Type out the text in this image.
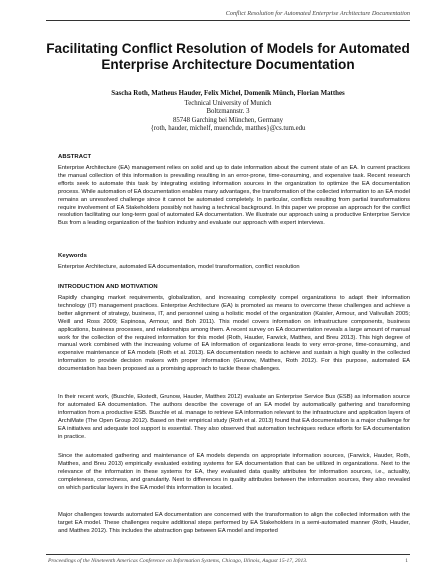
Conflict Resolution for Automated Enterprise Architecture Documentation
Facilitating Conflict Resolution of Models for Automated
Enterprise Architecture Documentation
Sascha Roth, Matheus Hauder, Felix Michel, Domenik Münch, Florian Matthes
Technical University of Munich
Boltzmannstr. 3
85748 Garching bei München, Germany
{roth, hauder, michelf, muenchde, matthes}@cs.tum.edu
ABSTRACT

Enterprise Architecture (EA) management relies on solid and up to date information about the current state of an EA. In current practices the manual collection of this information is prevailing resulting in an error-prone, time-consuming, and expensive task. Recent research efforts seek to automate this task by integrating existing information sources in the organization to optimize the EA documentation process. While automation of EA documentation enables many advantages, the transformation of the collected information to an EA model remains an unresolved challenge since it cannot be automated completely. In particular, conflicts resulting from partial transformations require involvement of EA Stakeholders possibly not having a technical background. In this paper we propose an approach for the conflict resolution facilitating our long-term goal of automated EA documentation. We illustrate our approach using a productive Enterprise Service Bus from a leading organization of the fashion industry and evaluate our approach with expert interviews.

Keywords

Enterprise Architecture, automated EA documentation, model transformation, conflict resolution

INTRODUCTION AND MOTIVATION

Rapidly changing market requirements, globalization, and increasing complexity compel organizations to adapt their information technology (IT) management practices. Enterprise Architecture (EA) is promoted as means to overcome these challenges and achieve a better alignment of strategy, business, IT, and personnel using a holistic model of the organization (Kaisler, Armour, and Valivullah 2005; Weill and Ross 2009; Espinosa, Armour, and Boh 2011). This model covers information on infrastructure components, business applications, business processes, and relationships among them. A recent survey on EA documentation reveals a large amount of manual work for the collection of the required information for this model (Roth, Hauder, Farwick, Matthes, and Breu 2013). This high degree of manual work combined with the increasing volume of EA information of organizations leads to very error-prone, time-consuming, and expensive maintenance of EA models (Roth et al. 2013). EA documentation needs to achieve and sustain a high quality in the collected information to provide decision makers with proper information (Grunow, Matthes, Roth 2012). For this purpose, automated EA documentation has been proposed as a promising approach to tackle these challenges.

In their recent work, (Buschle, Ekstedt, Grunow, Hauder, Matthes 2012) evaluate an Enterprise Service Bus (ESB) as information source for automated EA documentation. The authors describe the coverage of an EA model by automatically gathering and transforming information from a productive ESB. Buschle et al. manage to retrieve EA information relevant to the infrastructure and application layers of ArchiMate (The Open Group 2012). Based on their empirical study (Roth et al. 2013) found that EA documentation is a major challenge for EA initiatives and adequate tool support is essential. They also observed that automation techniques reduce efforts for EA documentation in practice.

Since the automated gathering and maintenance of EA models depends on appropriate information sources, (Farwick, Hauder, Roth, Matthes, and Breu 2013) empirically evaluated existing systems for EA documentation that can be utilized in organizations. Next to the relevance of the information in these systems for EA, they evaluated data quality attributes for information sources, i.e., actuality, completeness, correctness, and granularity. Next to differences in quality attributes between the information sources, they also revealed on which particular layers in the EA model this information is located.

Major challenges towards automated EA documentation are concerned with the transformation to align the collected information with the target EA model. These challenges require additional steps performed by EA Stakeholders in a semi-automated manner (Roth, Hauder, and Matthes 2012). This includes the abstraction gap between EA model and imported

Proceedings of the Nineteenth Americas Conference on Information Systems, Chicago, Illinois, August 15-17, 2013.	1
